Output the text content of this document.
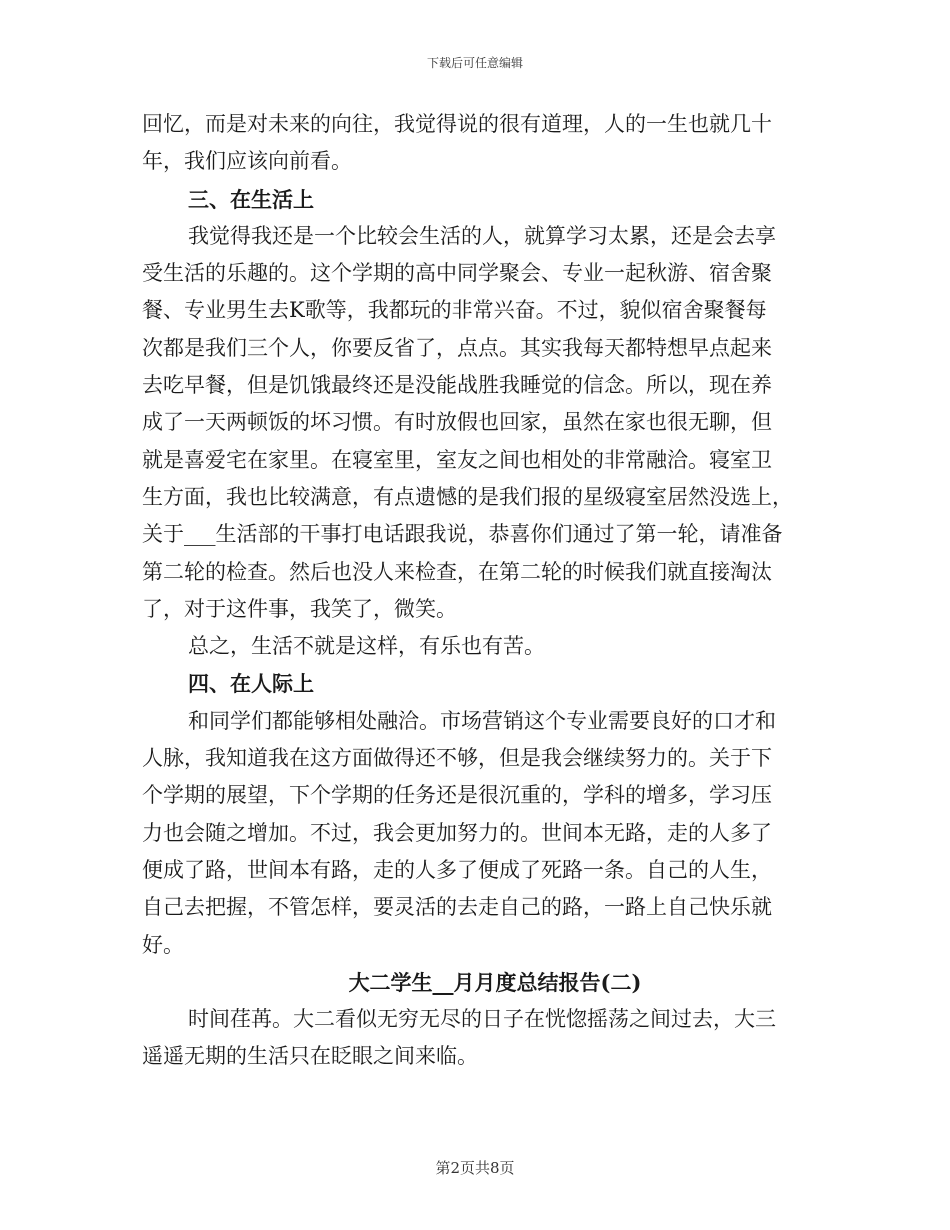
下载后可任意编辑
回忆，而是对未来的向往，我觉得说的很有道理，人的一生也就几十
年，我们应该向前看。
三、在生活上
我觉得我还是一个比较会生活的人，就算学习太累，还是会去享
受生活的乐趣的。这个学期的高中同学聚会、专业一起秋游、宿舍聚
餐、专业男生去K歌等，我都玩的非常兴奋。不过，貌似宿舍聚餐每
次都是我们三个人，你要反省了，点点。其实我每天都特想早点起来
去吃早餐，但是饥饿最终还是没能战胜我睡觉的信念。所以，现在养
成了一天两顿饭的坏习惯。有时放假也回家，虽然在家也很无聊，但
就是喜爱宅在家里。在寝室里，室友之间也相处的非常融洽。寝室卫
生方面，我也比较满意，有点遗憾的是我们报的星级寝室居然没选上，
关于___生活部的干事打电话跟我说，恭喜你们通过了第一轮，请准备
第二轮的检查。然后也没人来检查，在第二轮的时候我们就直接淘汰
了，对于这件事，我笑了，微笑。
总之，生活不就是这样，有乐也有苦。
四、在人际上
和同学们都能够相处融洽。市场营销这个专业需要良好的口才和
人脉，我知道我在这方面做得还不够，但是我会继续努力的。关于下
个学期的展望，下个学期的任务还是很沉重的，学科的增多，学习压
力也会随之增加。不过，我会更加努力的。世间本无路，走的人多了
便成了路，世间本有路，走的人多了便成了死路一条。自己的人生，
自己去把握，不管怎样，要灵活的去走自己的路，一路上自己快乐就
好。
大二学生__月月度总结报告(二)
时间荏苒。大二看似无穷无尽的日子在恍惚摇荡之间过去，大三
遥遥无期的生活只在眨眼之间来临。
第2页共8页
